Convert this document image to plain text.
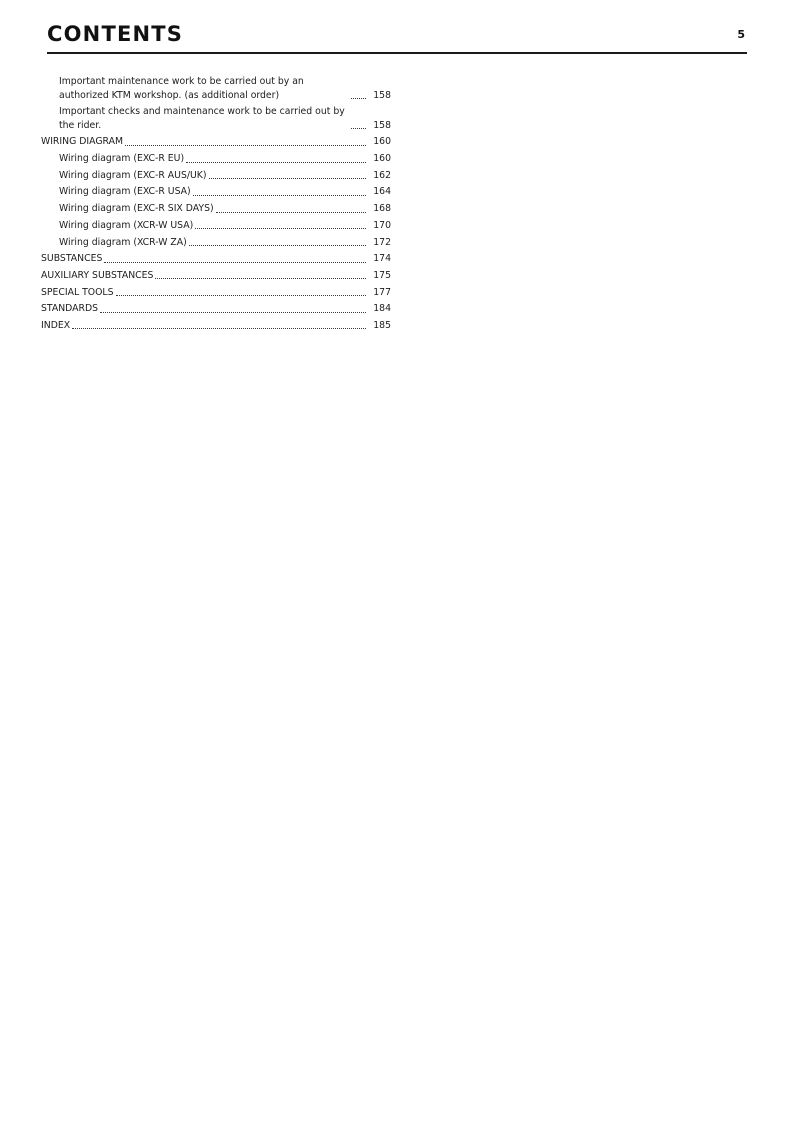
CONTENTS	5
Important maintenance work to be carried out by an authorized KTM workshop. (as additional order)	158
Important checks and maintenance work to be carried out by the rider.	158
WIRING DIAGRAM	160
Wiring diagram (EXC-R EU)	160
Wiring diagram (EXC-R AUS/UK)	162
Wiring diagram (EXC-R USA)	164
Wiring diagram (EXC-R SIX DAYS)	168
Wiring diagram (XCR-W USA)	170
Wiring diagram (XCR-W ZA)	172
SUBSTANCES	174
AUXILIARY SUBSTANCES	175
SPECIAL TOOLS	177
STANDARDS	184
INDEX	185
